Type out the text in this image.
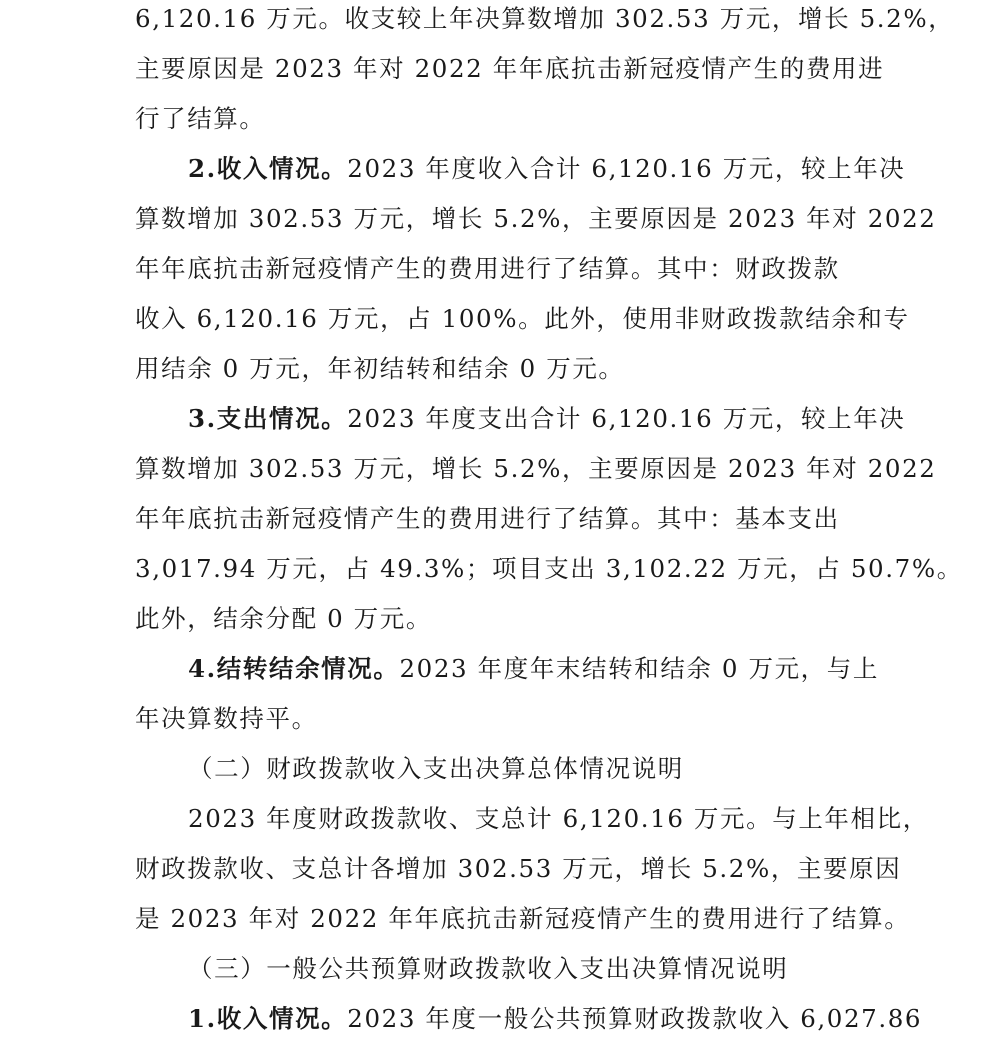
6,120.16 万元。收支较上年决算数增加 302.53 万元，增长 5.2%，
主要原因是 2023 年对 2022 年年底抗击新冠疫情产生的费用进
行了结算。

2.收入情况。2023 年度收入合计 6,120.16 万元，较上年决
算数增加 302.53 万元，增长 5.2%，主要原因是 2023 年对 2022
年年底抗击新冠疫情产生的费用进行了结算。其中：财政拨款
收入 6,120.16 万元，占 100%。此外，使用非财政拨款结余和专
用结余 0 万元，年初结转和结余 0 万元。

3.支出情况。2023 年度支出合计 6,120.16 万元，较上年决
算数增加 302.53 万元，增长 5.2%，主要原因是 2023 年对 2022
年年底抗击新冠疫情产生的费用进行了结算。其中：基本支出
3,017.94 万元，占 49.3%；项目支出 3,102.22 万元，占 50.7%。
此外，结余分配 0 万元。

4.结转结余情况。2023 年度年末结转和结余 0 万元，与上
年决算数持平。

（二）财政拨款收入支出决算总体情况说明

2023 年度财政拨款收、支总计 6,120.16 万元。与上年相比，
财政拨款收、支总计各增加 302.53 万元，增长 5.2%，主要原因
是 2023 年对 2022 年年底抗击新冠疫情产生的费用进行了结算。

（三）一般公共预算财政拨款收入支出决算情况说明

1.收入情况。2023 年度一般公共预算财政拨款收入 6,027.86
